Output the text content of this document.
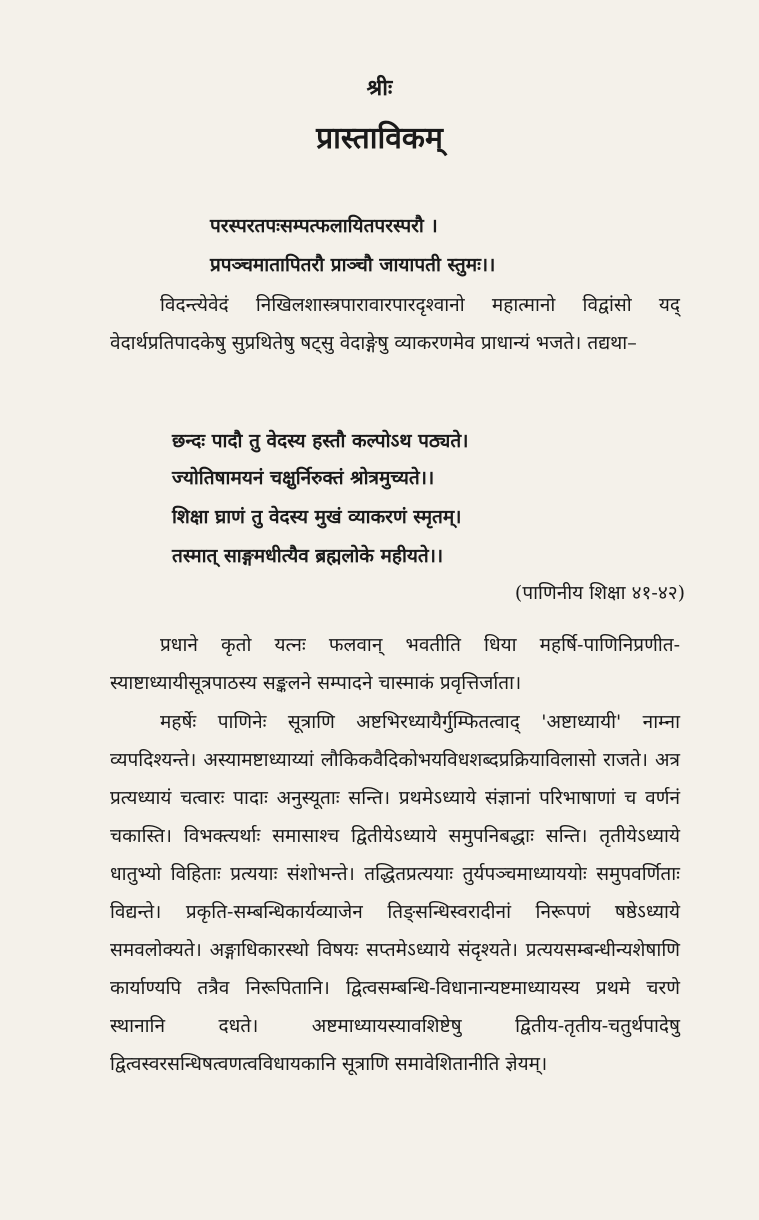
श्रीः
प्रास्ताविकम्
परस्परतपःसम्पत्फलायितपरस्परौ ।
प्रपञ्चमातापितरौ प्राञ्चौ जायापती स्तुमः।।
विदन्त्येवेदं निखिलशास्त्रपारावारपारदृश्वानो महात्मानो विद्वांसो यद् वेदार्थप्रतिपादकेषु सुप्रथितेषु षट्सु वेदाङ्गेषु व्याकरणमेव प्राधान्यं भजते। तद्यथा–
छन्दः पादौ तु वेदस्य हस्तौ कल्पोऽथ पठ्यते।
ज्योतिषामयनं चक्षुर्निरुक्तं श्रोत्रमुच्यते।।
शिक्षा घ्राणं तु वेदस्य मुखं व्याकरणं स्मृतम्।
तस्मात् साङ्गमधीत्यैव ब्रह्मलोके महीयते।।
(पाणिनीय शिक्षा ४१-४२)
प्रधाने कृतो यत्नः फलवान् भवतीति धिया महर्षि-पाणिनिप्रणीत-स्याष्टाध्यायीसूत्रपाठस्य सङ्कलने सम्पादने चास्माकं प्रवृत्तिर्जाता।
महर्षेः पाणिनेः सूत्राणि अष्टभिरध्यायैर्गुम्फितत्वाद् 'अष्टाध्यायी' नाम्ना व्यपदिश्यन्ते। अस्यामष्टाध्याय्यां लौकिकवैदिकोभयविधशब्दप्रक्रियाविलासो राजते। अत्र प्रत्यध्यायं चत्वारः पादाः अनुस्यूताः सन्ति। प्रथमेऽध्याये संज्ञानां परिभाषाणां च वर्णनं चकास्ति। विभक्त्यर्थाः समासाश्च द्वितीयेऽध्याये समुपनिबद्धाः सन्ति। तृतीयेऽध्याये धातुभ्यो विहिताः प्रत्ययाः संशोभन्ते। तद्धितप्रत्ययाः तुर्यपञ्चमाध्याययोः समुपवर्णिताः विद्यन्ते। प्रकृति-सम्बन्धिकार्यव्याजेन तिङ्सन्धिस्वरादीनां निरूपणं षष्ठेऽध्याये समवलोक्यते। अङ्गाधिकारस्थो विषयः सप्तमेऽध्याये संदृश्यते। प्रत्ययसम्बन्धीन्यशेषाणि कार्याण्यपि तत्रैव निरूपितानि। द्वित्वसम्बन्धि-विधानान्यष्टमाध्यायस्य प्रथमे चरणे स्थानानि दधते। अष्टमाध्यायस्यावशिष्टेषु द्वितीय-तृतीय-चतुर्थपादेषु द्वित्वस्वरसन्धिषत्वणत्वविधायकानि सूत्राणि समावेशितानीति ज्ञेयम्।
